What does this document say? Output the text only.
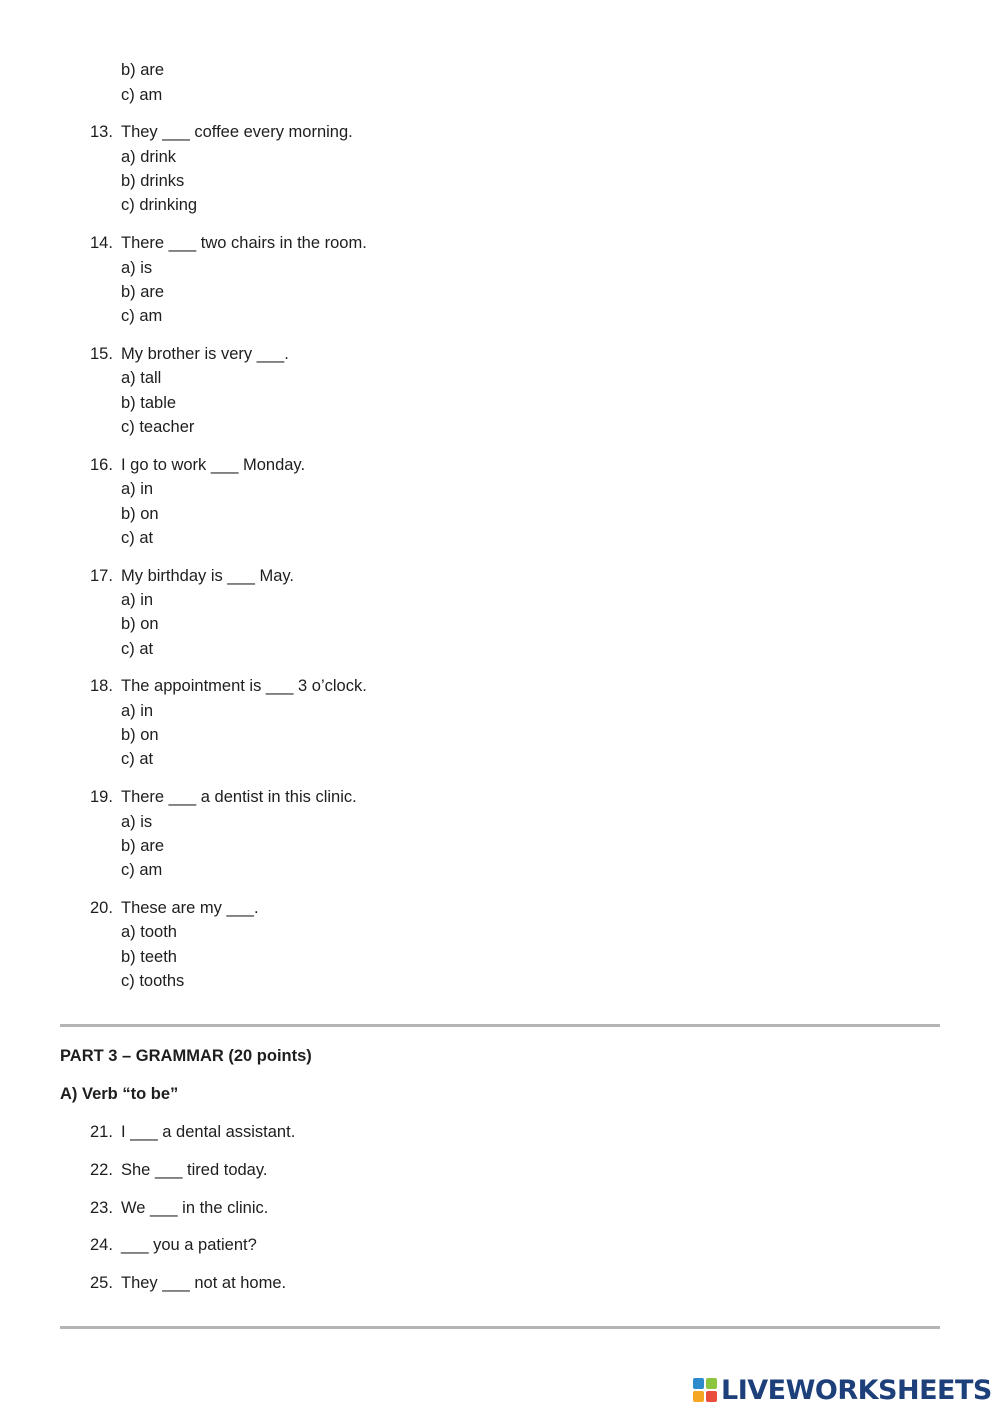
b) are
c) am
13. They ___ coffee every morning.
a) drink
b) drinks
c) drinking
14. There ___ two chairs in the room.
a) is
b) are
c) am
15. My brother is very ___.
a) tall
b) table
c) teacher
16. I go to work ___ Monday.
a) in
b) on
c) at
17. My birthday is ___ May.
a) in
b) on
c) at
18. The appointment is ___ 3 o’clock.
a) in
b) on
c) at
19. There ___ a dentist in this clinic.
a) is
b) are
c) am
20. These are my ___.
a) tooth
b) teeth
c) tooths
PART 3 – GRAMMAR (20 points)
A) Verb “to be”
21. I ___ a dental assistant.
22. She ___ tired today.
23. We ___ in the clinic.
24. ___ you a patient?
25. They ___ not at home.
LIVEWORKSHEETS
